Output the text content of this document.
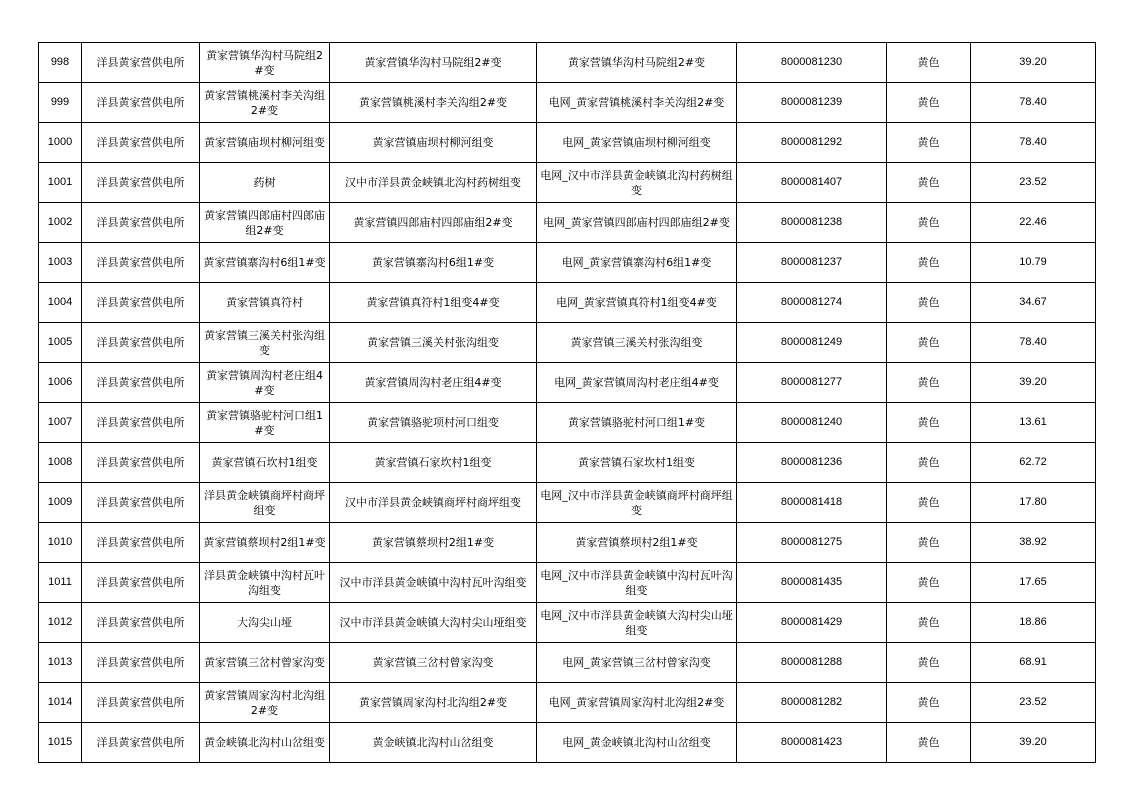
998	洋县黄家营供电所	黄家营镇华沟村马院组2#变	黄家营镇华沟村马院组2#变	黄家营镇华沟村马院组2#变	8000081230	黄色	39.20
999	洋县黄家营供电所	黄家营镇桃溪村李关沟组2#变	黄家营镇桃溪村李关沟组2#变	电网_黄家营镇桃溪村李关沟组2#变	8000081239	黄色	78.40
1000	洋县黄家营供电所	黄家营镇庙坝村柳河组变	黄家营镇庙坝村柳河组变	电网_黄家营镇庙坝村柳河组变	8000081292	黄色	78.40
1001	洋县黄家营供电所	药树	汉中市洋县黄金峡镇北沟村药树组变	电网_汉中市洋县黄金峡镇北沟村药树组变	8000081407	黄色	23.52
1002	洋县黄家营供电所	黄家营镇四郎庙村四郎庙组2#变	黄家营镇四郎庙村四郎庙组2#变	电网_黄家营镇四郎庙村四郎庙组2#变	8000081238	黄色	22.46
1003	洋县黄家营供电所	黄家营镇寨沟村6组1#变	黄家营镇寨沟村6组1#变	电网_黄家营镇寨沟村6组1#变	8000081237	黄色	10.79
1004	洋县黄家营供电所	黄家营镇真符村	黄家营镇真符村1组变4#变	电网_黄家营镇真符村1组变4#变	8000081274	黄色	34.67
1005	洋县黄家营供电所	黄家营镇三溪关村张沟组变	黄家营镇三溪关村张沟组变	黄家营镇三溪关村张沟组变	8000081249	黄色	78.40
1006	洋县黄家营供电所	黄家营镇周沟村老庄组4#变	黄家营镇周沟村老庄组4#变	电网_黄家营镇周沟村老庄组4#变	8000081277	黄色	39.20
1007	洋县黄家营供电所	黄家营镇骆驼村河口组1#变	黄家营镇骆驼项村河口组变	黄家营镇骆驼村河口组1#变	8000081240	黄色	13.61
1008	洋县黄家营供电所	黄家营镇石坎村1组变	黄家营镇石家坎村1组变	黄家营镇石家坎村1组变	8000081236	黄色	62.72
1009	洋县黄家营供电所	洋县黄金峡镇商坪村商坪组变	汉中市洋县黄金峡镇商坪村商坪组变	电网_汉中市洋县黄金峡镇商坪村商坪组变	8000081418	黄色	17.80
1010	洋县黄家营供电所	黄家营镇蔡坝村2组1#变	黄家营镇蔡坝村2组1#变	黄家营镇蔡坝村2组1#变	8000081275	黄色	38.92
1011	洋县黄家营供电所	洋县黄金峡镇中沟村瓦叶沟组变	汉中市洋县黄金峡镇中沟村瓦叶沟组变	电网_汉中市洋县黄金峡镇中沟村瓦叶沟组变	8000081435	黄色	17.65
1012	洋县黄家营供电所	大沟尖山垭	汉中市洋县黄金峡镇大沟村尖山垭组变	电网_汉中市洋县黄金峡镇大沟村尖山垭组变	8000081429	黄色	18.86
1013	洋县黄家营供电所	黄家营镇三岔村曾家沟变	黄家营镇三岔村曾家沟变	电网_黄家营镇三岔村曾家沟变	8000081288	黄色	68.91
1014	洋县黄家营供电所	黄家营镇周家沟村北沟组2#变	黄家营镇周家沟村北沟组2#变	电网_黄家营镇周家沟村北沟组2#变	8000081282	黄色	23.52
1015	洋县黄家营供电所	黄金峡镇北沟村山岔组变	黄金峡镇北沟村山岔组变	电网_黄金峡镇北沟村山岔组变	8000081423	黄色	39.20
